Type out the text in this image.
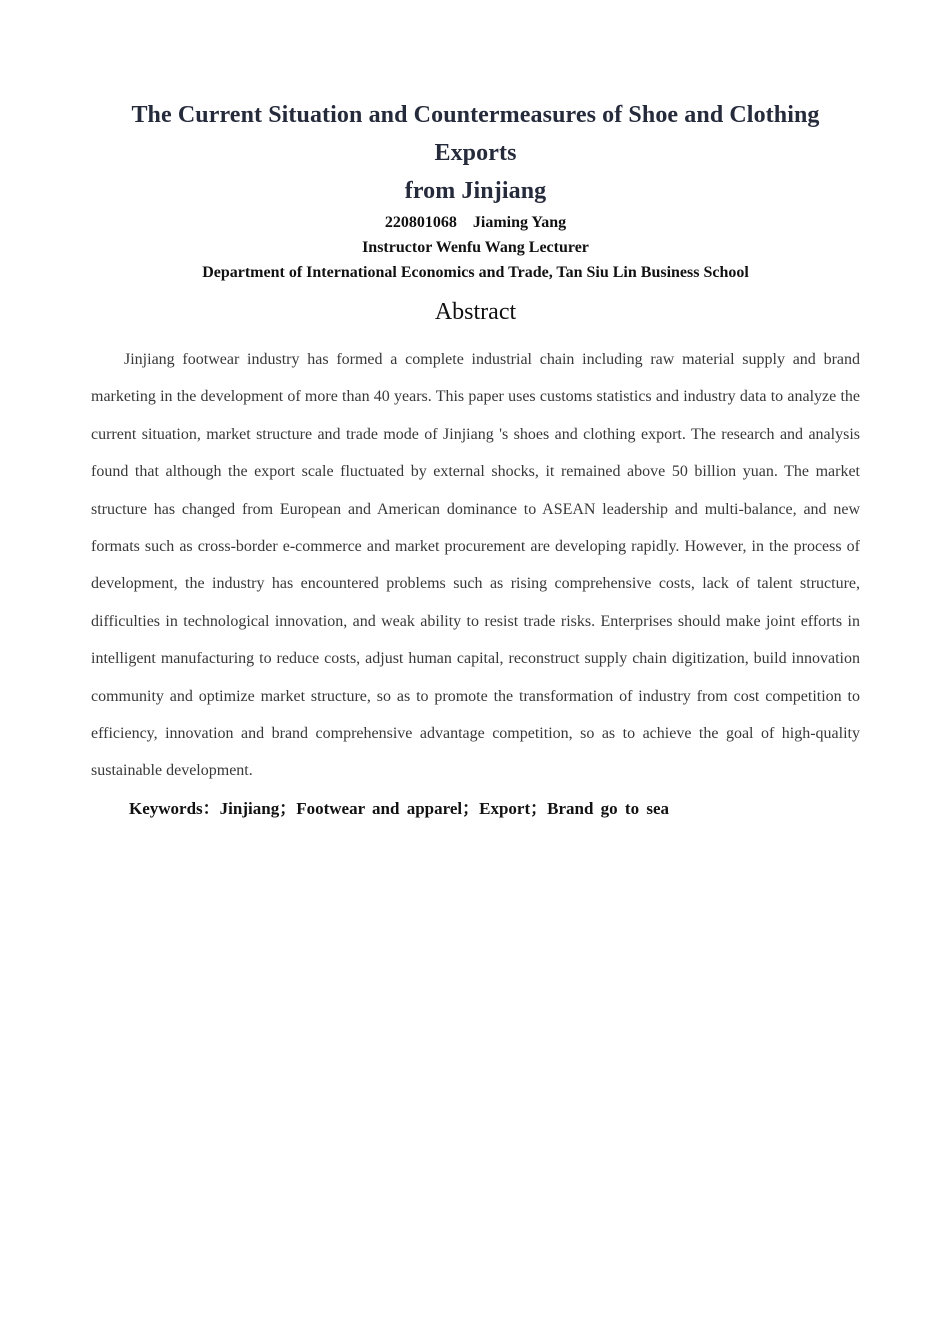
The Current Situation and Countermeasures of Shoe and Clothing Exports
from Jinjiang

220801068 Jiaming Yang

Instructor Wenfu Wang Lecturer

Department of International Economics and Trade, Tan Siu Lin Business School

Abstract

Jinjiang footwear industry has formed a complete industrial chain including raw material supply and brand marketing in the development of more than 40 years. This paper uses customs statistics and industry data to analyze the current situation, market structure and trade mode of Jinjiang 's shoes and clothing export. The research and analysis found that although the export scale fluctuated by external shocks, it remained above 50 billion yuan. The market structure has changed from European and American dominance to ASEAN leadership and multi-balance, and new formats such as cross-border e-commerce and market procurement are developing rapidly. However, in the process of development, the industry has encountered problems such as rising comprehensive costs, lack of talent structure, difficulties in technological innovation, and weak ability to resist trade risks. Enterprises should make joint efforts in intelligent manufacturing to reduce costs, adjust human capital, reconstruct supply chain digitization, build innovation community and optimize market structure, so as to promote the transformation of industry from cost competition to efficiency, innovation and brand comprehensive advantage competition, so as to achieve the goal of high-quality sustainable development.

Keywords：Jinjiang；Footwear and apparel；Export；Brand go to sea
